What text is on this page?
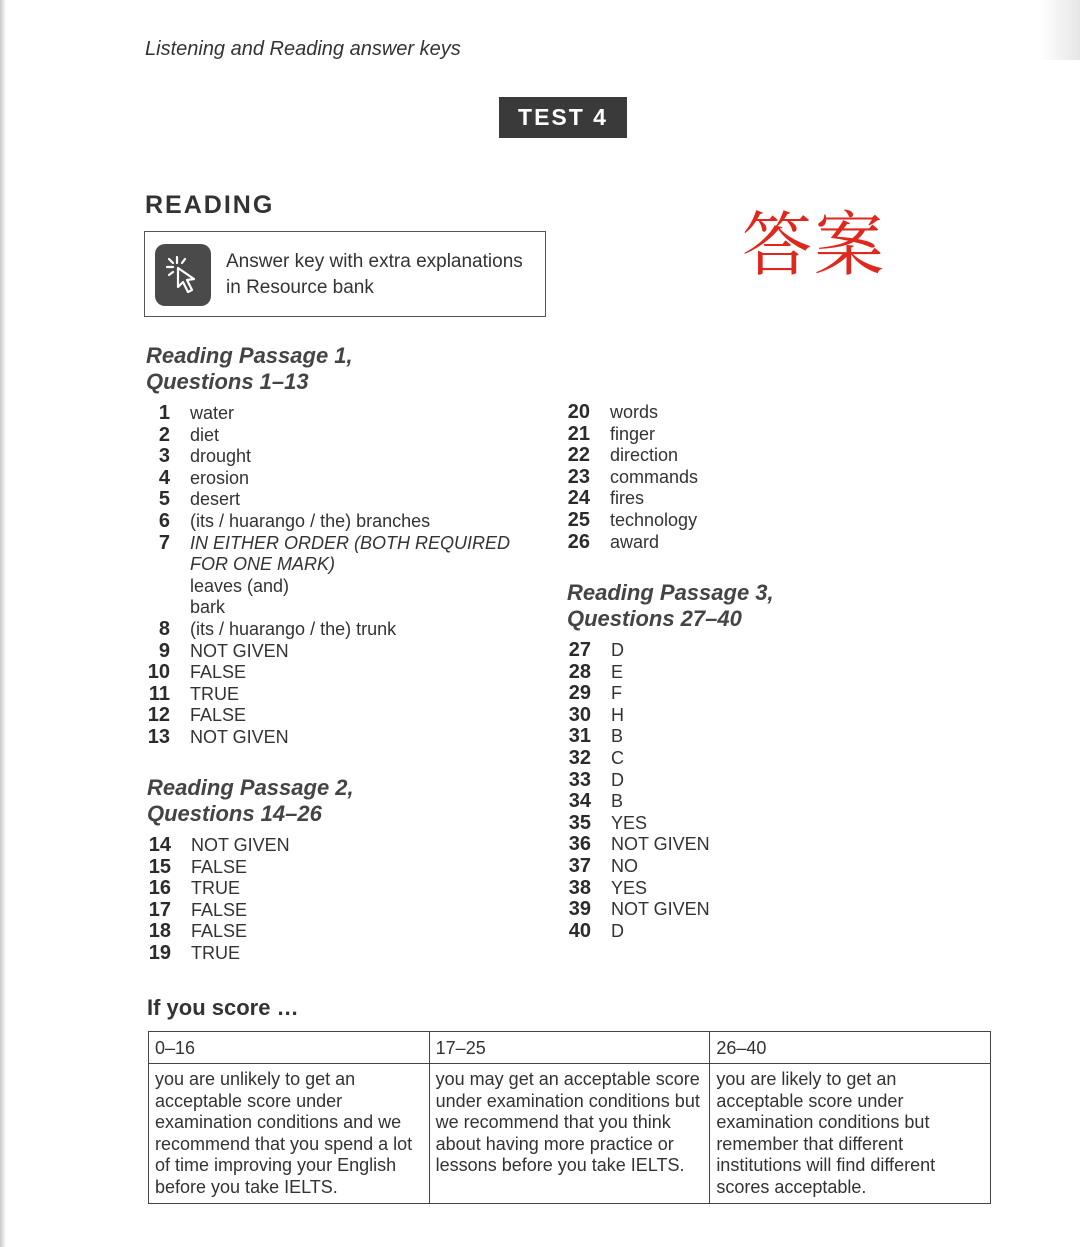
Listening and Reading answer keys
TEST 4
READING
Answer key with extra explanations in Resource bank
答案
Reading Passage 1,
Questions 1–13
1 water
2 diet
3 drought
4 erosion
5 desert
6 (its / huarango / the) branches
7 IN EITHER ORDER (BOTH REQUIRED
FOR ONE MARK)
leaves (and)
bark
8 (its / huarango / the) trunk
9 NOT GIVEN
10 FALSE
11 TRUE
12 FALSE
13 NOT GIVEN
Reading Passage 2,
Questions 14–26
14 NOT GIVEN
15 FALSE
16 TRUE
17 FALSE
18 FALSE
19 TRUE
20 words
21 finger
22 direction
23 commands
24 fires
25 technology
26 award
Reading Passage 3,
Questions 27–40
27 D
28 E
29 F
30 H
31 B
32 C
33 D
34 B
35 YES
36 NOT GIVEN
37 NO
38 YES
39 NOT GIVEN
40 D
If you score …
0–16	17–25	26–40
you are unlikely to get an acceptable score under examination conditions and we recommend that you spend a lot of time improving your English before you take IELTS.	you may get an acceptable score under examination conditions but we recommend that you think about having more practice or lessons before you take IELTS.	you are likely to get an acceptable score under examination conditions but remember that different institutions will find different scores acceptable.
